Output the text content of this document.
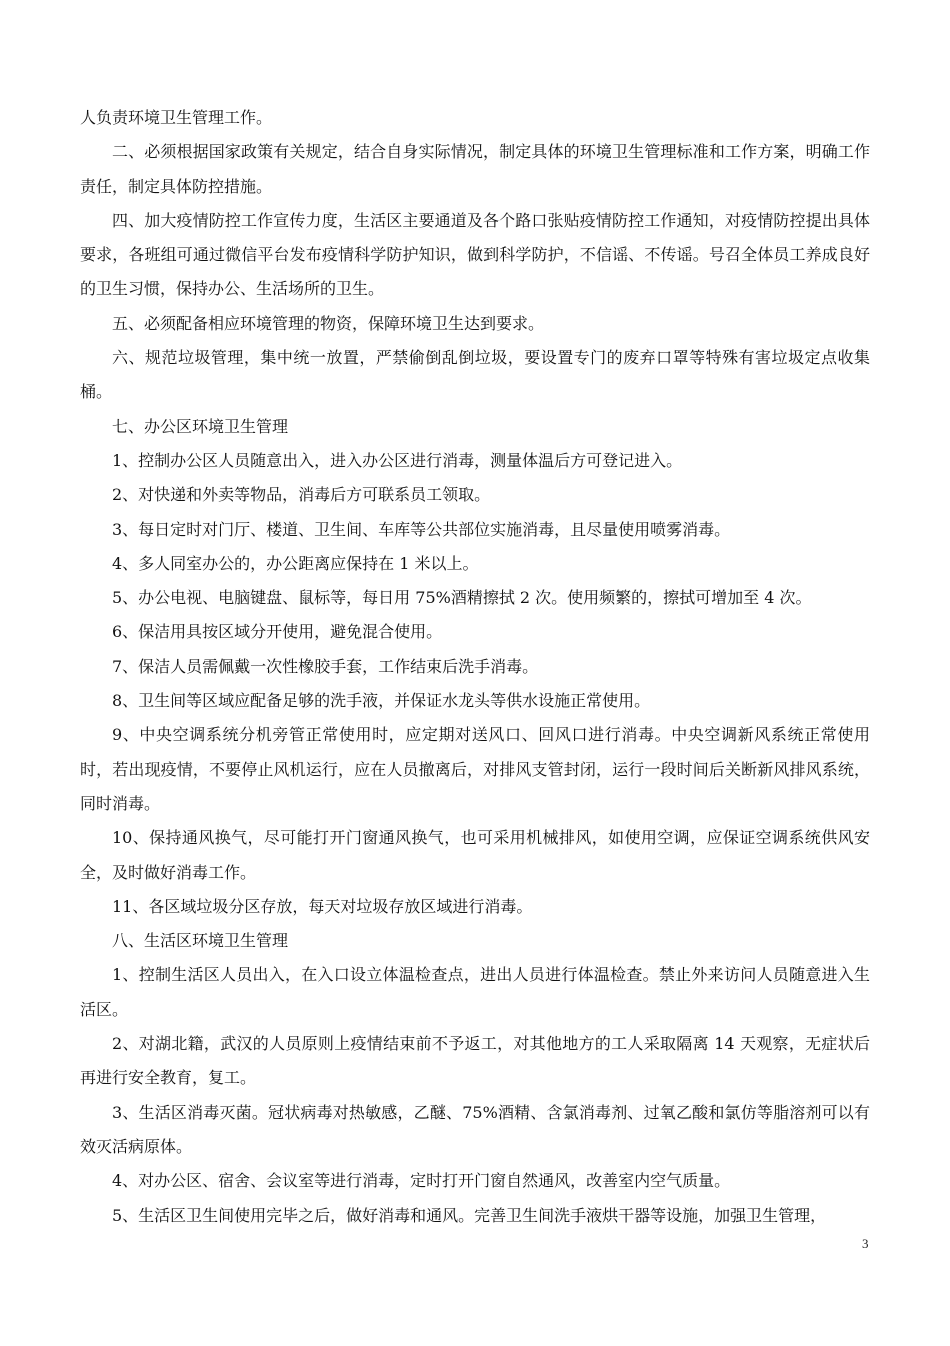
人负责环境卫生管理工作。

二、必须根据国家政策有关规定，结合自身实际情况，制定具体的环境卫生管理标准和工作方案，明确工作责任，制定具体防控措施。

四、加大疫情防控工作宣传力度，生活区主要通道及各个路口张贴疫情防控工作通知，对疫情防控提出具体要求，各班组可通过微信平台发布疫情科学防护知识，做到科学防护，不信谣、不传谣。号召全体员工养成良好的卫生习惯，保持办公、生活场所的卫生。

五、必须配备相应环境管理的物资，保障环境卫生达到要求。

六、规范垃圾管理，集中统一放置，严禁偷倒乱倒垃圾，要设置专门的废弃口罩等特殊有害垃圾定点收集桶。

七、办公区环境卫生管理

1、控制办公区人员随意出入，进入办公区进行消毒，测量体温后方可登记进入。

2、对快递和外卖等物品，消毒后方可联系员工领取。

3、每日定时对门厅、楼道、卫生间、车库等公共部位实施消毒，且尽量使用喷雾消毒。

4、多人同室办公的，办公距离应保持在 1 米以上。

5、办公电视、电脑键盘、鼠标等，每日用 75%酒精擦拭 2 次。使用频繁的，擦拭可增加至 4 次。

6、保洁用具按区域分开使用，避免混合使用。

7、保洁人员需佩戴一次性橡胶手套，工作结束后洗手消毒。

8、卫生间等区域应配备足够的洗手液，并保证水龙头等供水设施正常使用。

9、中央空调系统分机旁管正常使用时，应定期对送风口、回风口进行消毒。中央空调新风系统正常使用时，若出现疫情，不要停止风机运行，应在人员撤离后，对排风支管封闭，运行一段时间后关断新风排风系统，同时消毒。

10、保持通风换气，尽可能打开门窗通风换气，也可采用机械排风，如使用空调，应保证空调系统供风安全，及时做好消毒工作。

11、各区域垃圾分区存放，每天对垃圾存放区域进行消毒。

八、生活区环境卫生管理

1、控制生活区人员出入，在入口设立体温检查点，进出人员进行体温检查。禁止外来访问人员随意进入生活区。

2、对湖北籍，武汉的人员原则上疫情结束前不予返工，对其他地方的工人采取隔离 14 天观察，无症状后再进行安全教育，复工。

3、生活区消毒灭菌。冠状病毒对热敏感，乙醚、75%酒精、含氯消毒剂、过氧乙酸和氯仿等脂溶剂可以有效灭活病原体。

4、对办公区、宿舍、会议室等进行消毒，定时打开门窗自然通风，改善室内空气质量。

5、生活区卫生间使用完毕之后，做好消毒和通风。完善卫生间洗手液烘干器等设施，加强卫生管理，

3
